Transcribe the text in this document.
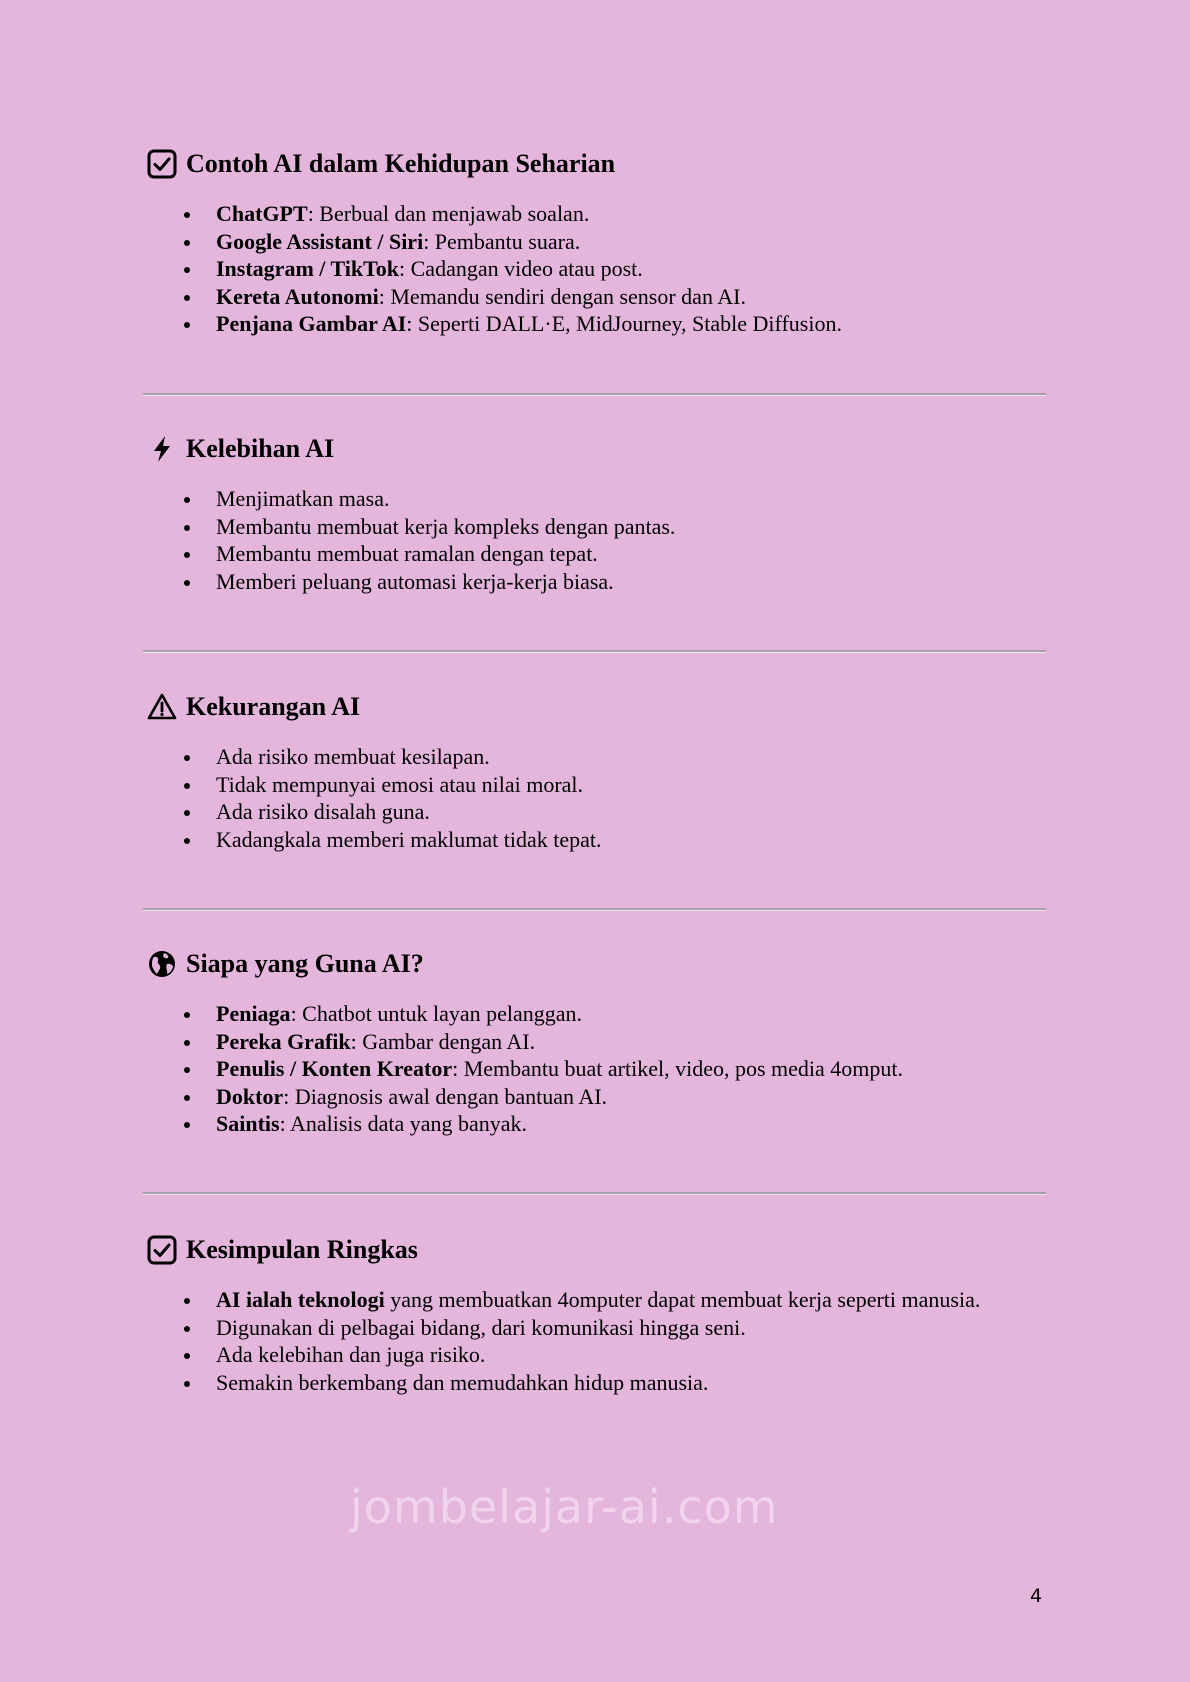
Contoh AI dalam Kehidupan Seharian
ChatGPT: Berbual dan menjawab soalan.
Google Assistant / Siri: Pembantu suara.
Instagram / TikTok: Cadangan video atau post.
Kereta Autonomi: Memandu sendiri dengan sensor dan AI.
Penjana Gambar AI: Seperti DALL·E, MidJourney, Stable Diffusion.
Kelebihan AI
Menjimatkan masa.
Membantu membuat kerja kompleks dengan pantas.
Membantu membuat ramalan dengan tepat.
Memberi peluang automasi kerja-kerja biasa.
Kekurangan AI
Ada risiko membuat kesilapan.
Tidak mempunyai emosi atau nilai moral.
Ada risiko disalah guna.
Kadangkala memberi maklumat tidak tepat.
Siapa yang Guna AI?
Peniaga: Chatbot untuk layan pelanggan.
Pereka Grafik: Gambar dengan AI.
Penulis / Konten Kreator: Membantu buat artikel, video, pos media 4omput.
Doktor: Diagnosis awal dengan bantuan AI.
Saintis: Analisis data yang banyak.
Kesimpulan Ringkas
AI ialah teknologi yang membuatkan 4omputer dapat membuat kerja seperti manusia.
Digunakan di pelbagai bidang, dari komunikasi hingga seni.
Ada kelebihan dan juga risiko.
Semakin berkembang dan memudahkan hidup manusia.
jombelajar-ai.com
4
